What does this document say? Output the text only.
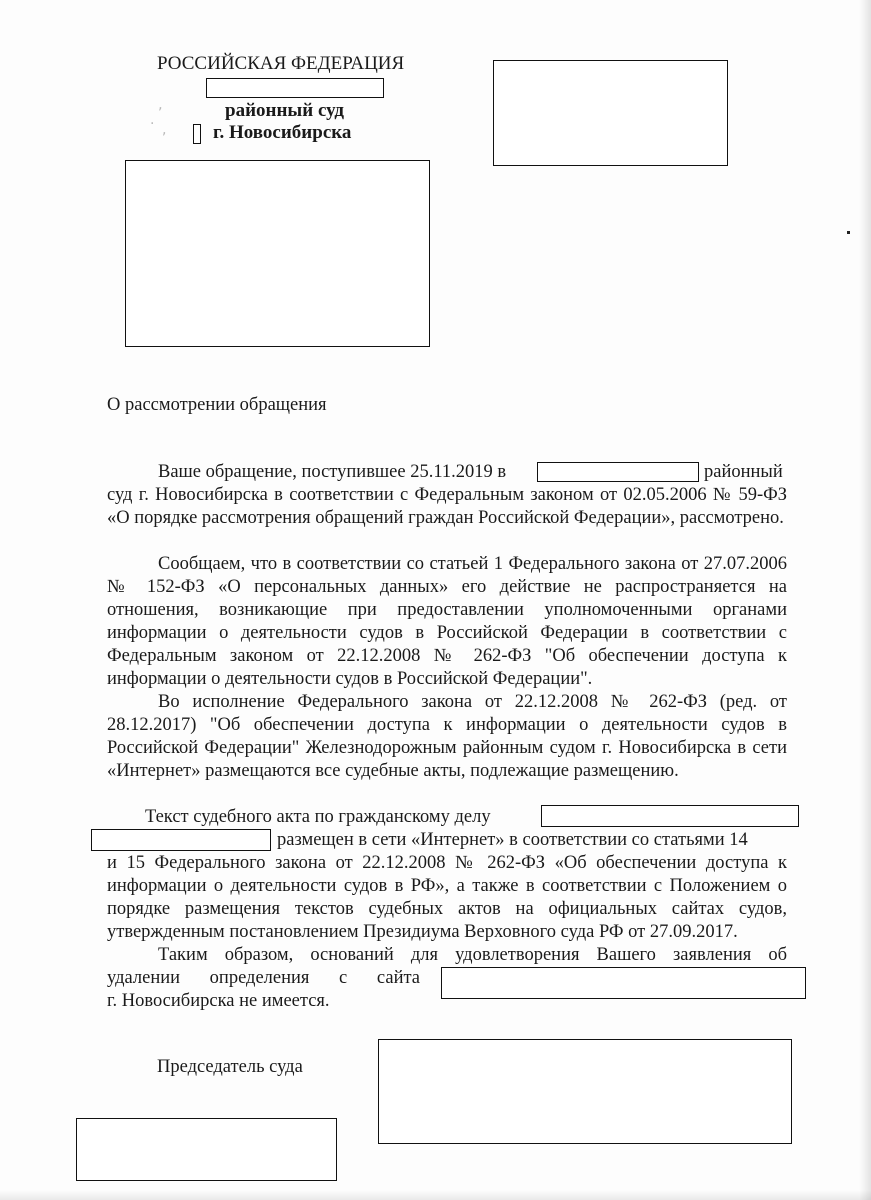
‚
· ,
РОССИЙСКАЯ ФЕДЕРАЦИЯ
районный суд
г. Новосибирска
О рассмотрении обращения
Ваше обращение, поступившее 25.11.2019 в	районный

суд г. Новосибирска в соответствии с Федеральным законом от 02.05.2006 № 59-ФЗ «О порядке рассмотрения обращений граждан Российской Федерации», рассмотрено.

Сообщаем, что в соответствии со статьей 1 Федерального закона от 27.07.2006 № 152-ФЗ «О персональных данных» его действие не распространяется на отношения, возникающие при предоставлении уполномоченными органами информации о деятельности судов в Российской Федерации в соответствии с Федеральным законом от 22.12.2008 № 262-ФЗ "Об обеспечении доступа к информации о деятельности судов в Российской Федерации".

Во исполнение Федерального закона от 22.12.2008 № 262-ФЗ (ред. от 28.12.2017) "Об обеспечении доступа к информации о деятельности судов в Российской Федерации" Железнодорожным районным судом г. Новосибирска в сети «Интернет» размещаются все судебные акты, подлежащие размещению.

Текст судебного акта по гражданскому делу
размещен в сети «Интернет» в соответствии со статьями 14

и 15 Федерального закона от 22.12.2008 № 262-ФЗ «Об обеспечении доступа к информации о деятельности судов в РФ», а также в соответствии с Положением о порядке размещения текстов судебных актов на официальных сайтах судов, утвержденным постановлением Президиума Верховного суда РФ от 27.09.2017.

Таким образом, оснований для удовлетворения Вашего заявления об
удалении определения с сайта
г. Новосибирска не имеется.
Председатель суда
